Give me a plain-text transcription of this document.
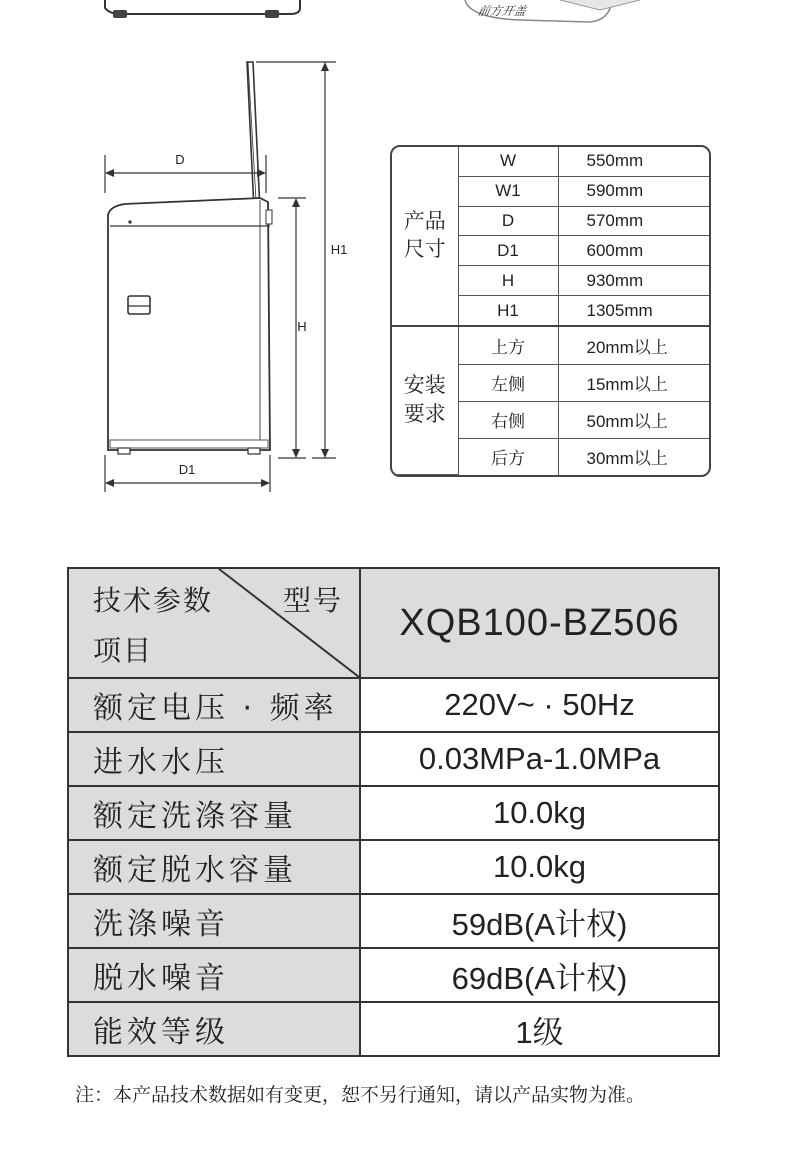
前方开盖
D
D1
H
H1
产品
尺寸	W	550mm
	W1	590mm
	D	570mm
	D1	600mm
	H	930mm
	H1	1305mm

安装
要求	上方	20mm以上
	左侧	15mm以上
	右侧	50mm以上
	后方	30mm以上
技术参数 型号
项目	XQB100-BZ506
额定电压 · 频率	220V~ · 50Hz
进水水压	0.03MPa-1.0MPa
额定洗涤容量	10.0kg
额定脱水容量	10.0kg
洗涤噪音	59dB(A计权)
脱水噪音	69dB(A计权)
能效等级	1级
注：本产品技术数据如有变更，恕不另行通知，请以产品实物为准。
